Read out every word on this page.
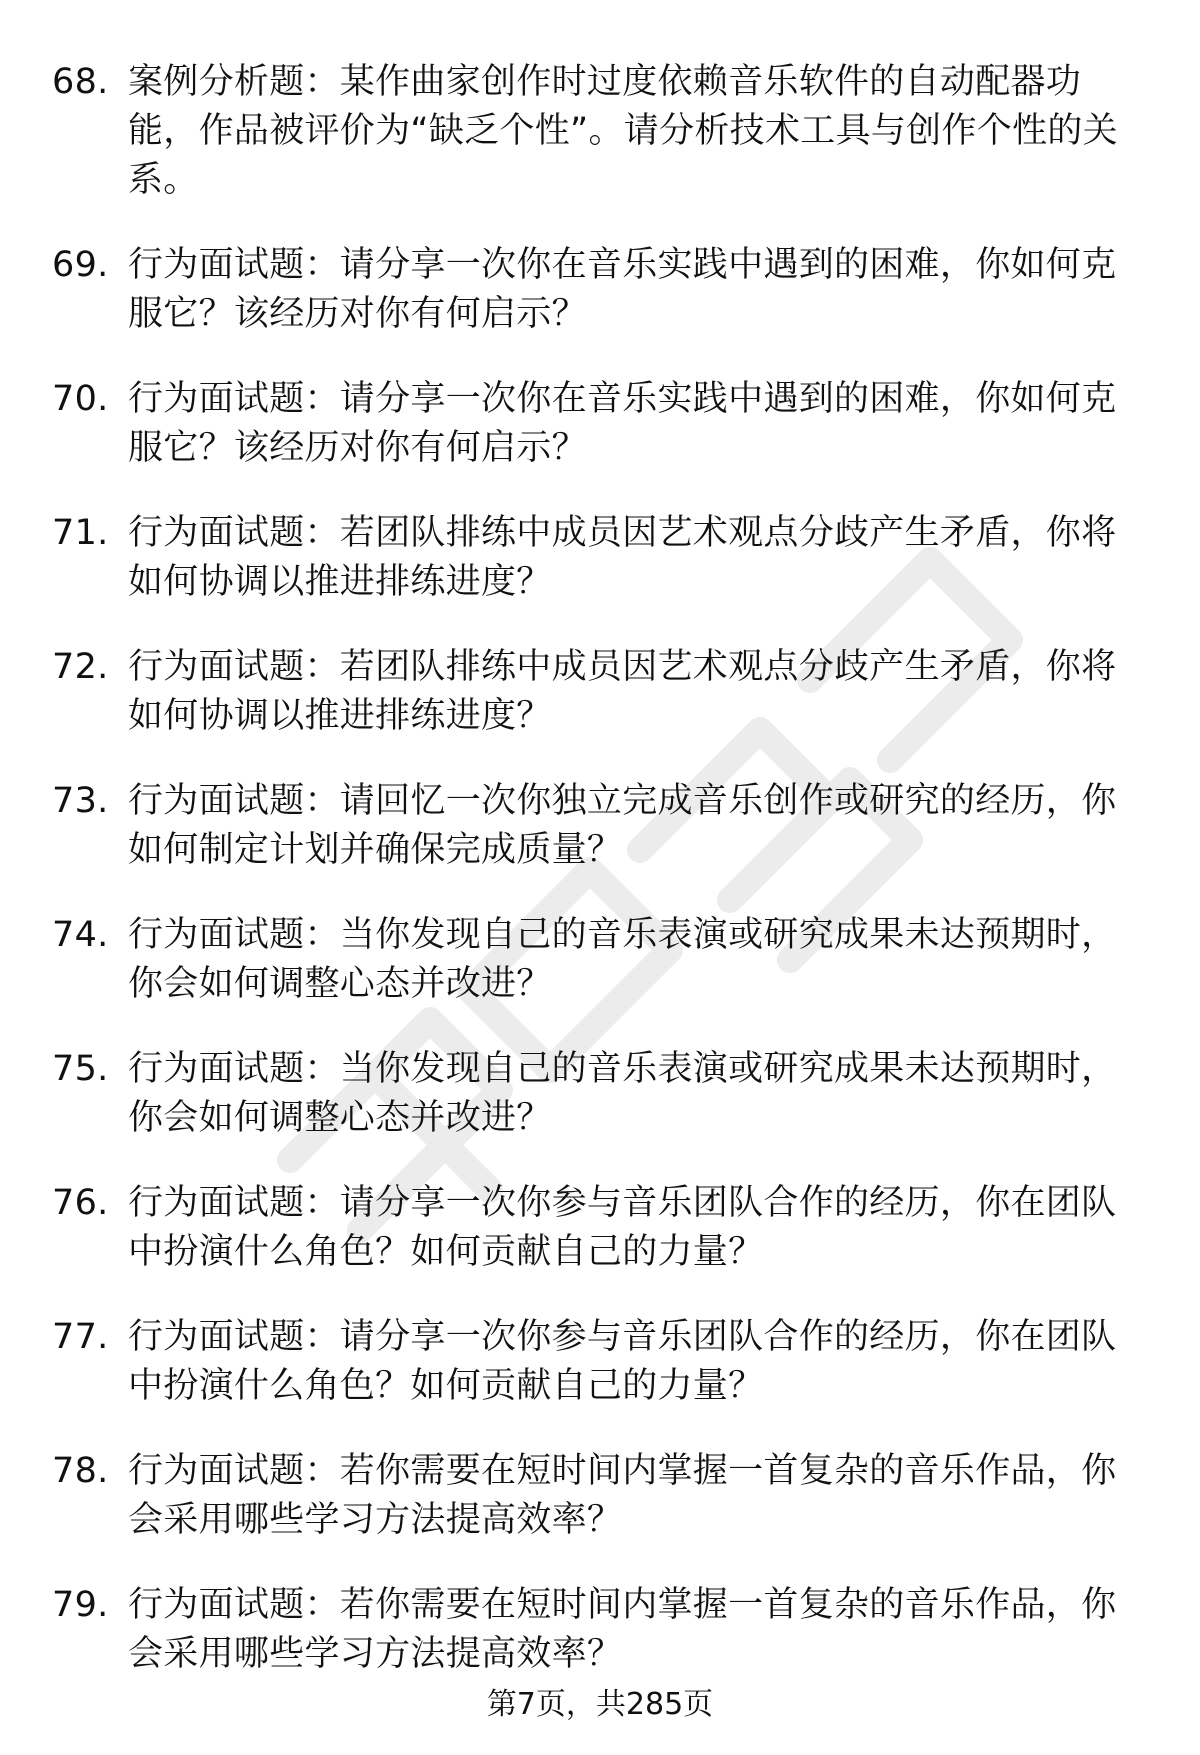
68. 案例分析题：某作曲家创作时过度依赖音乐软件的自动配器功能，作品被评价为“缺乏个性”。请分析技术工具与创作个性的关系。
69. 行为面试题：请分享一次你在音乐实践中遇到的困难，你如何克服它？该经历对你有何启示？
70. 行为面试题：请分享一次你在音乐实践中遇到的困难，你如何克服它？该经历对你有何启示？
71. 行为面试题：若团队排练中成员因艺术观点分歧产生矛盾，你将如何协调以推进排练进度？
72. 行为面试题：若团队排练中成员因艺术观点分歧产生矛盾，你将如何协调以推进排练进度？
73. 行为面试题：请回忆一次你独立完成音乐创作或研究的经历，你如何制定计划并确保完成质量？
74. 行为面试题：当你发现自己的音乐表演或研究成果未达预期时，你会如何调整心态并改进？
75. 行为面试题：当你发现自己的音乐表演或研究成果未达预期时，你会如何调整心态并改进？
76. 行为面试题：请分享一次你参与音乐团队合作的经历，你在团队中扮演什么角色？如何贡献自己的力量？
77. 行为面试题：请分享一次你参与音乐团队合作的经历，你在团队中扮演什么角色？如何贡献自己的力量？
78. 行为面试题：若你需要在短时间内掌握一首复杂的音乐作品，你会采用哪些学习方法提高效率？
79. 行为面试题：若你需要在短时间内掌握一首复杂的音乐作品，你会采用哪些学习方法提高效率？
第7页，共285页
